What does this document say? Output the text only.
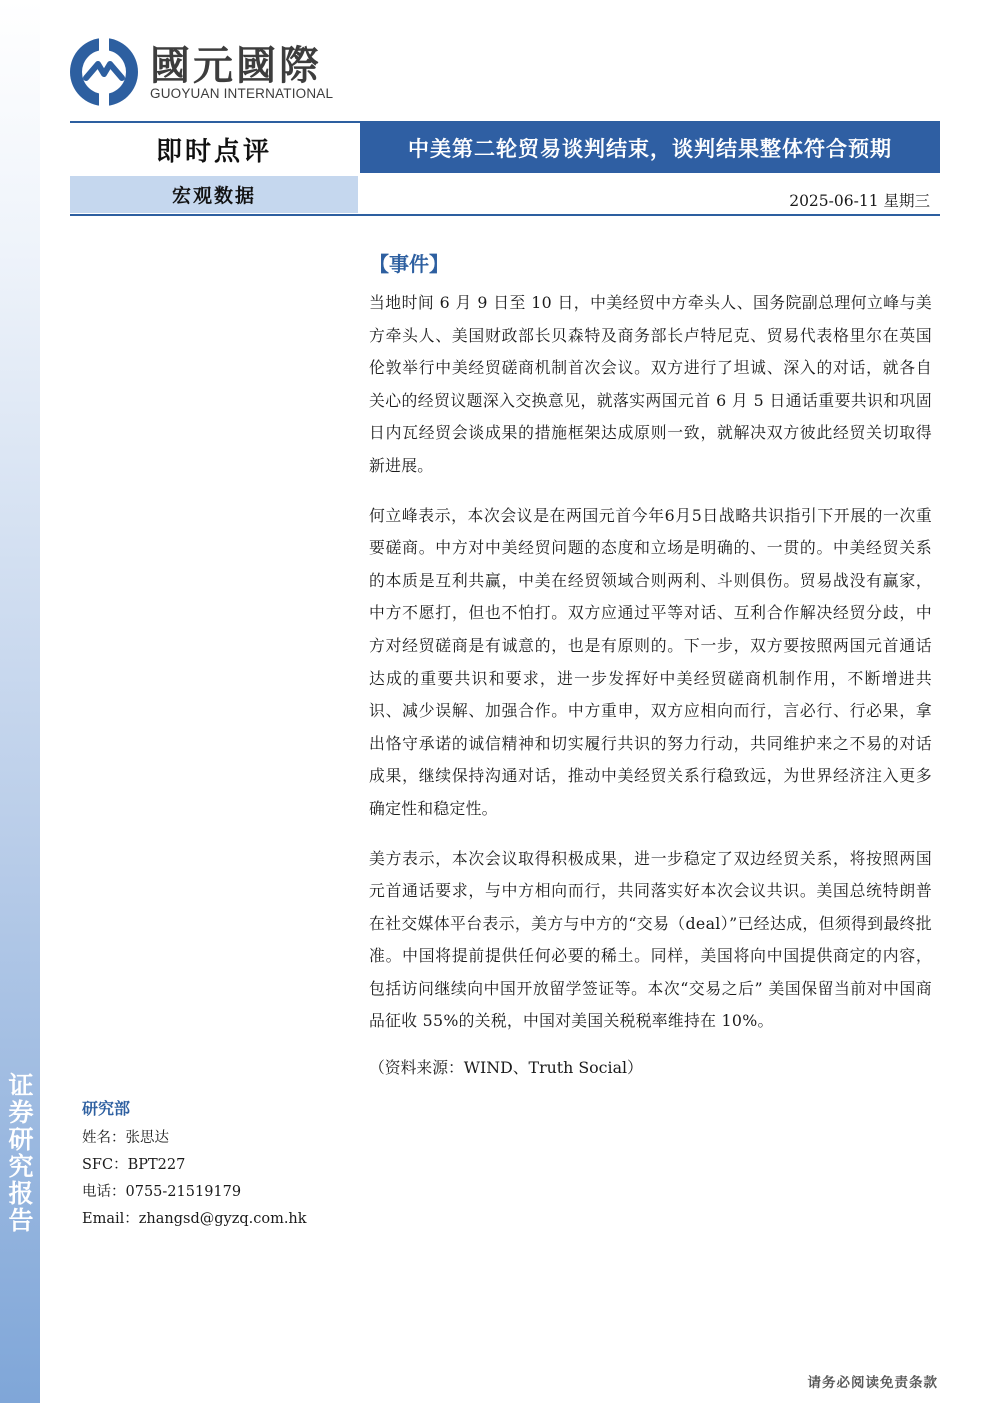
证券研究报告
國元國際
GUOYUAN INTERNATIONAL
即时点评	中美第二轮贸易谈判结束，谈判结果整体符合预期
宏观数据	2025-06-11 星期三
【事件】

当地时间 6 月 9 日至 10 日，中美经贸中方牵头人、国务院副总理何立峰与美方牵头人、美国财政部长贝森特及商务部长卢特尼克、贸易代表格里尔在英国伦敦举行中美经贸磋商机制首次会议。双方进行了坦诚、深入的对话，就各自关心的经贸议题深入交换意见，就落实两国元首 6 月 5 日通话重要共识和巩固日内瓦经贸会谈成果的措施框架达成原则一致，就解决双方彼此经贸关切取得新进展。

何立峰表示，本次会议是在两国元首今年6月5日战略共识指引下开展的一次重要磋商。中方对中美经贸问题的态度和立场是明确的、一贯的。中美经贸关系的本质是互利共赢，中美在经贸领域合则两利、斗则俱伤。贸易战没有赢家，中方不愿打，但也不怕打。双方应通过平等对话、互利合作解决经贸分歧，中方对经贸磋商是有诚意的，也是有原则的。下一步，双方要按照两国元首通话达成的重要共识和要求，进一步发挥好中美经贸磋商机制作用，不断增进共识、减少误解、加强合作。中方重申，双方应相向而行，言必行、行必果，拿出恪守承诺的诚信精神和切实履行共识的努力行动，共同维护来之不易的对话成果，继续保持沟通对话，推动中美经贸关系行稳致远，为世界经济注入更多确定性和稳定性。

美方表示，本次会议取得积极成果，进一步稳定了双边经贸关系，将按照两国元首通话要求，与中方相向而行，共同落实好本次会议共识。美国总统特朗普在社交媒体平台表示，美方与中方的“交易（deal）”已经达成，但须得到最终批准。中国将提前提供任何必要的稀土。同样，美国将向中国提供商定的内容，包括访问继续向中国开放留学签证等。本次“交易之后” 美国保留当前对中国商品征收 55%的关税，中国对美国关税税率维持在 10%。

（资料来源：WIND、Truth Social）
研究部
姓名：张思达
SFC：BPT227
电话：0755-21519179
Email：zhangsd@gyzq.com.hk
请务必阅读免责条款
